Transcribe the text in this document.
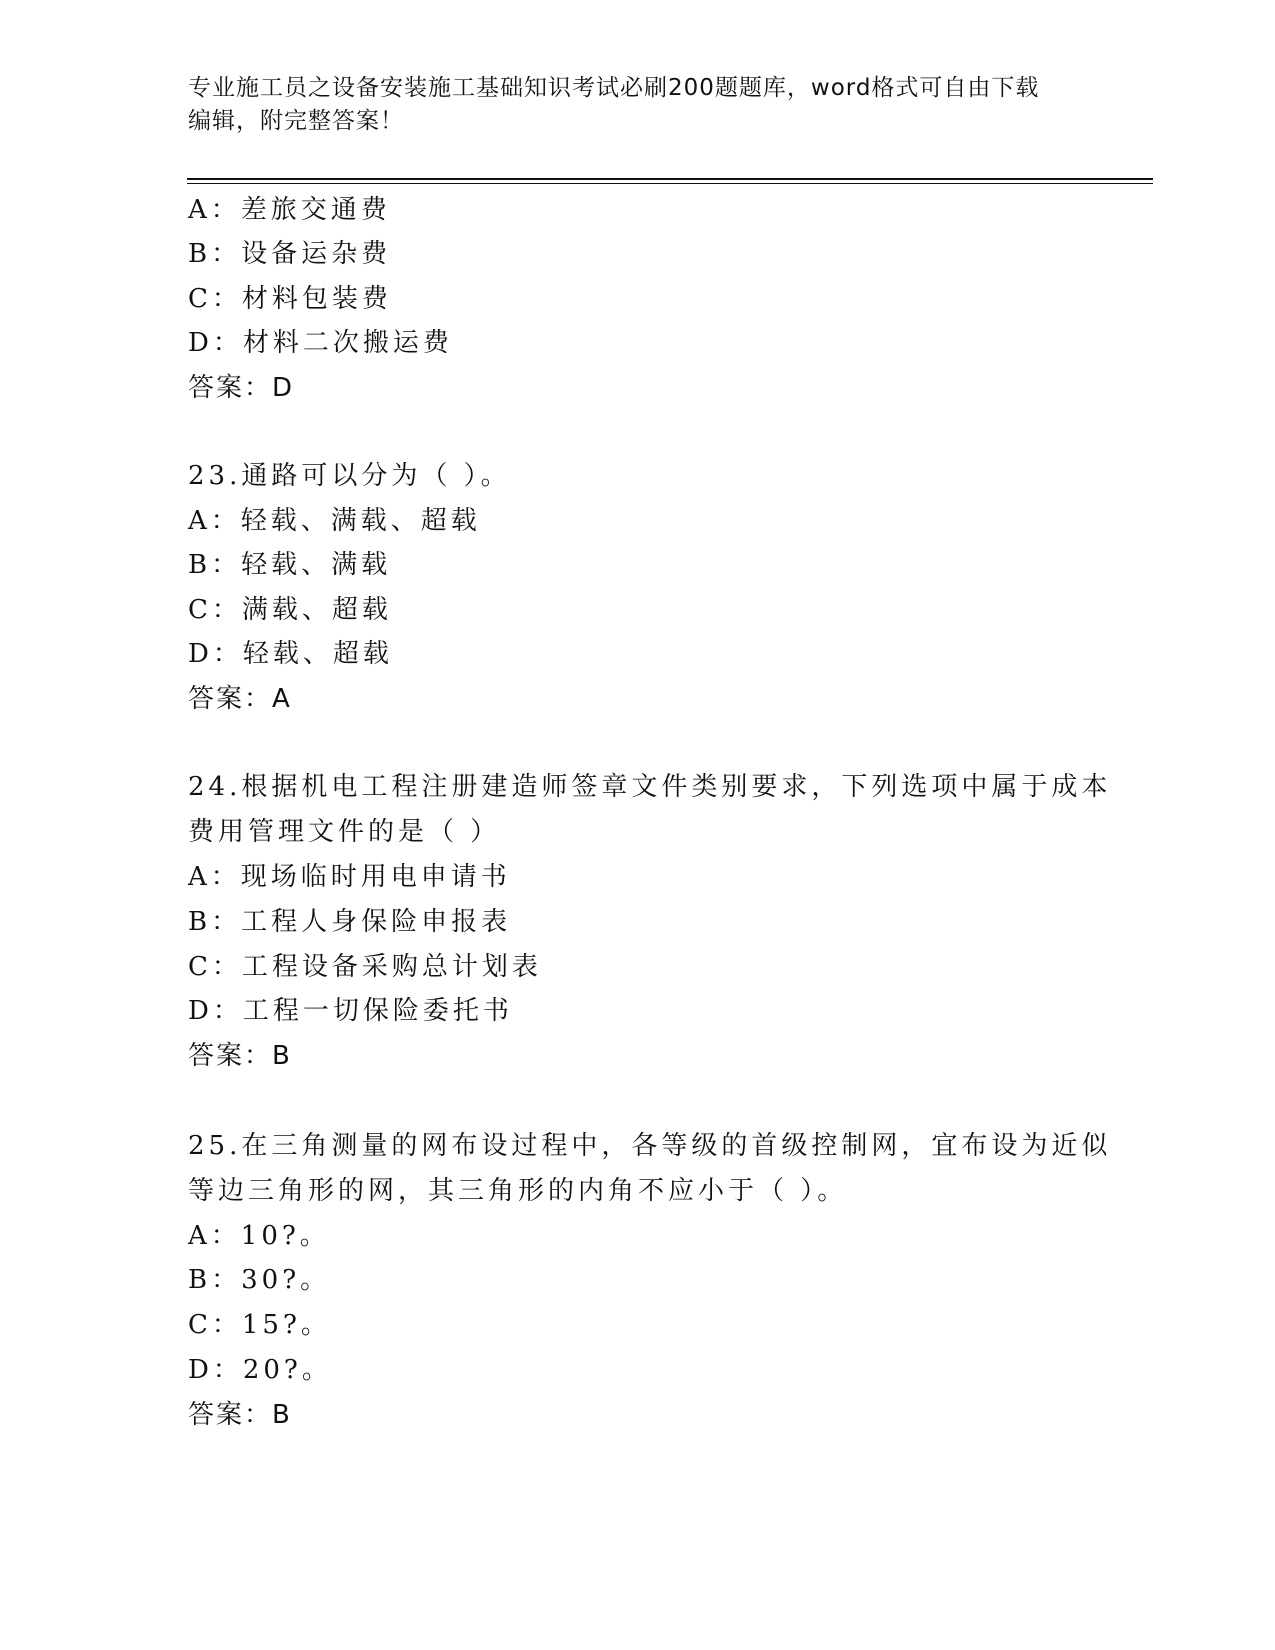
专业施工员之设备安装施工基础知识考试必刷200题题库，word格式可自由下载
编辑，附完整答案！
A：差旅交通费
B：设备运杂费
C：材料包装费
D：材料二次搬运费
答案：D
23.通路可以分为（ ）。
A：轻载、满载、超载
B：轻载、满载
C：满载、超载
D：轻载、超载
答案：A
24.根据机电工程注册建造师签章文件类别要求，下列选项中属于成本
费用管理文件的是（ ）
A：现场临时用电申请书
B：工程人身保险申报表
C：工程设备采购总计划表
D：工程一切保险委托书
答案：B
25.在三角测量的网布设过程中，各等级的首级控制网，宜布设为近似
等边三角形的网，其三角形的内角不应小于（ ）。
A：10?。
B：30?。
C：15?。
D：20?。
答案：B
